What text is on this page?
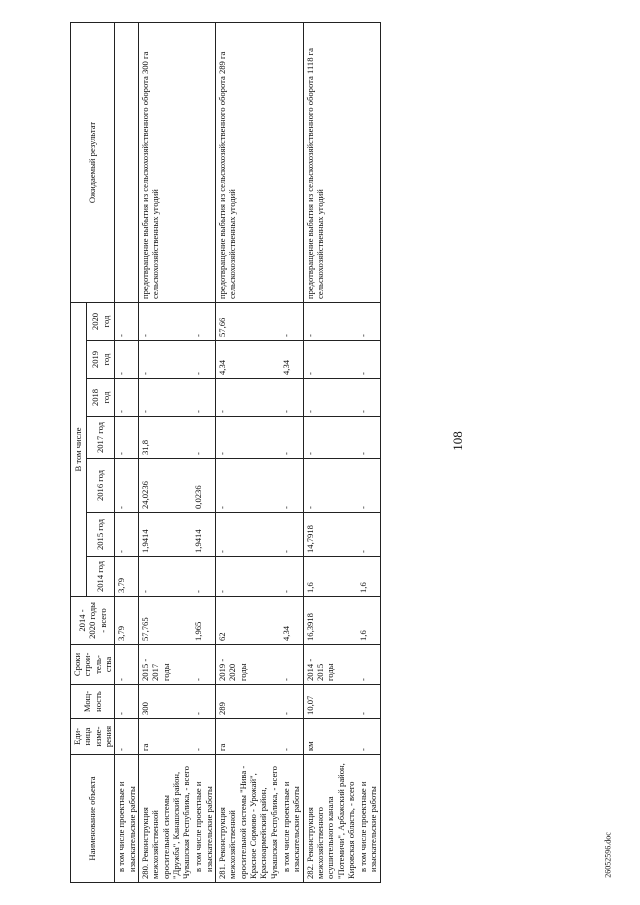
108
Наименование объекта	Еди-ница изме-рения	Мощ-ность	Сроки строи-тель-ства	2014 - 2020 годы - всего	В том числе							Ожидаемый результат
					2014 год	2015 год	2016 год	2017 год	2018 год	2019 год	2020 год	
в том числе проектные и изыскательские работы	-	-	-	3,79	3,79	-	-	-	-	-	-	
280. Реконструкция межхозяйственной оросительной системы "Дружба", Канашский район, Чувашская Республика, - всего	га	300	2015 - 2017 годы	57,765	-	1,9414	24,0236	31,8	-	-	-	предотвращение выбытия из сельскохозяйственного оборота 300 га сельскохозяйственных угодий
в том числе проектные и изыскательские работы	-	-	-	1,965	-	1,9414	0,0236	-	-	-	-	
281. Реконструкция межхозяйственной оросительной системы "Нива - Красное Сормово - Урожай", Красноармейский район, Чувашская Республика, - всего	га	289	2019 - 2020 годы	62	-	-	-	-	-	4,34	57,66	предотвращение выбытия из сельскохозяйственного оборота 289 га сельскохозяйственных угодий
в том числе проектные и изыскательские работы	-	-	-	4,34	-	-	-	-	-	4,34	-	
282. Реконструкция межхозяйственного осушительного канала "Потемичи", Арбажский район, Кировская область, - всего	км	10,07	2014 - 2015 годы	16,3918	1,6	14,7918	-	-	-	-	-	предотвращение выбытия из сельскохозяйственного оборота 1118 га сельскохозяйственных угодий
в том числе проектные и изыскательские работы	-	-	-	1,6	1,6	-	-	-	-	-	-	
26052596.doc
